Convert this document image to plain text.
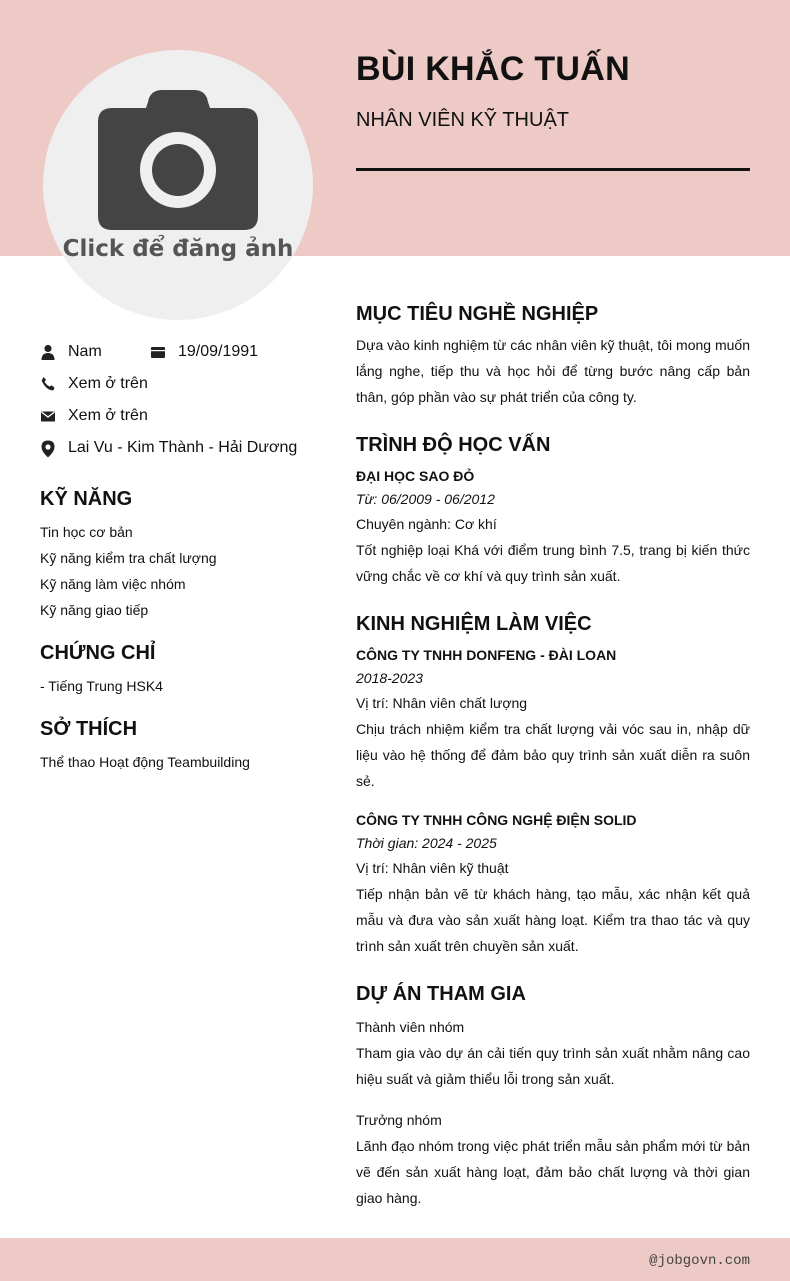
Click để đăng ảnh
BÙI KHẮC TUẤN
NHÂN VIÊN KỸ THUẬT
Nam	19/09/1991
Xem ở trên
Xem ở trên
Lai Vu - Kim Thành - Hải Dương
KỸ NĂNG
Tin học cơ bản
Kỹ năng kiểm tra chất lượng
Kỹ năng làm việc nhóm
Kỹ năng giao tiếp
CHỨNG CHỈ
- Tiếng Trung HSK4
SỞ THÍCH
Thể thao Hoạt động Teambuilding
MỤC TIÊU NGHỀ NGHIỆP
Dựa vào kinh nghiệm từ các nhân viên kỹ thuật, tôi mong muốn lắng nghe, tiếp thu và học hỏi để từng bước nâng cấp bản thân, góp phần vào sự phát triển của công ty.
TRÌNH ĐỘ HỌC VẤN
ĐẠI HỌC SAO ĐỎ
Từ: 06/2009 - 06/2012
Chuyên ngành: Cơ khí
Tốt nghiệp loại Khá với điểm trung bình 7.5, trang bị kiến thức vững chắc về cơ khí và quy trình sản xuất.
KINH NGHIỆM LÀM VIỆC
CÔNG TY TNHH DONFENG - ĐÀI LOAN
2018-2023
Vị trí: Nhân viên chất lượng
Chịu trách nhiệm kiểm tra chất lượng vải vóc sau in, nhập dữ liệu vào hệ thống để đảm bảo quy trình sản xuất diễn ra suôn sẻ.
CÔNG TY TNHH CÔNG NGHỆ ĐIỆN SOLID
Thời gian: 2024 - 2025
Vị trí: Nhân viên kỹ thuật
Tiếp nhận bản vẽ từ khách hàng, tạo mẫu, xác nhận kết quả mẫu và đưa vào sản xuất hàng loạt. Kiểm tra thao tác và quy trình sản xuất trên chuyền sản xuất.
DỰ ÁN THAM GIA
Thành viên nhóm
Tham gia vào dự án cải tiến quy trình sản xuất nhằm nâng cao hiệu suất và giảm thiểu lỗi trong sản xuất.
Trưởng nhóm
Lãnh đạo nhóm trong việc phát triển mẫu sản phẩm mới từ bản vẽ đến sản xuất hàng loạt, đảm bảo chất lượng và thời gian giao hàng.
@jobgovn.com
